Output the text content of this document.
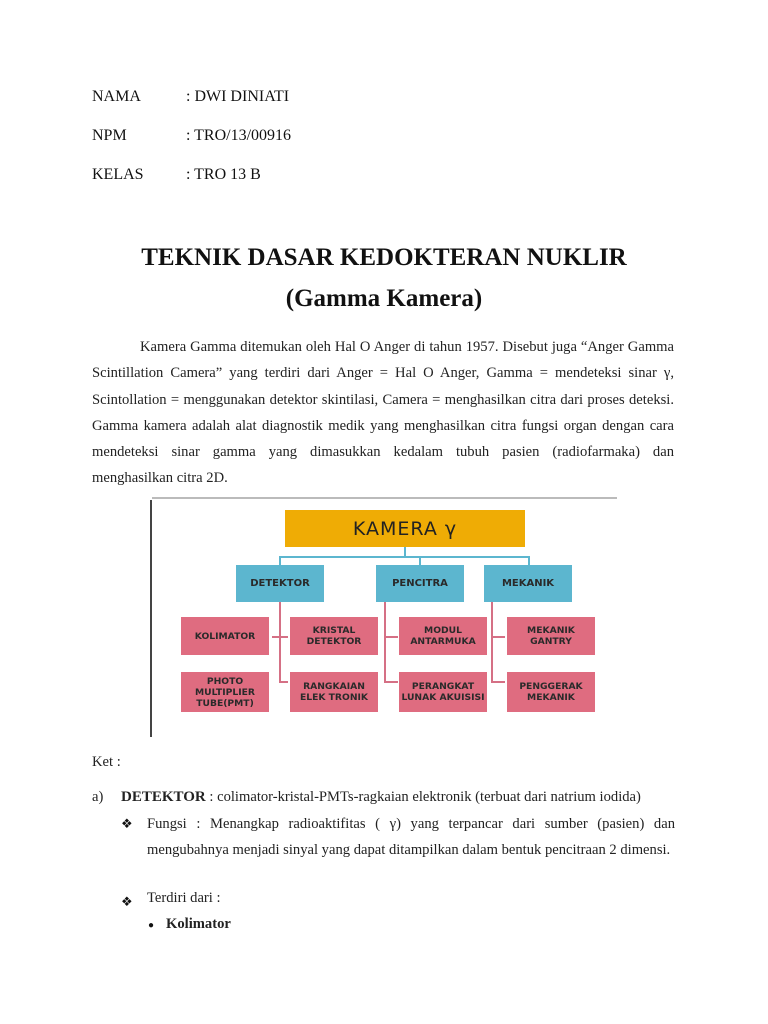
NAMA	: DWI DINIATI
NPM	: TRO/13/00916
KELAS	: TRO 13 B
TEKNIK DASAR KEDOKTERAN NUKLIR
(Gamma Kamera)
Kamera Gamma ditemukan oleh Hal O Anger di tahun 1957. Disebut juga “Anger Gamma Scintillation Camera” yang terdiri dari Anger = Hal O Anger, Gamma = mendeteksi sinar γ, Scintollation = menggunakan detektor skintilasi, Camera = menghasilkan citra dari proses deteksi. Gamma kamera adalah alat diagnostik medik yang menghasilkan citra fungsi organ dengan cara mendeteksi sinar gamma yang dimasukkan kedalam tubuh pasien (radiofarmaka) dan menghasilkan citra 2D.
KAMERA γ
DETEKTOR	PENCITRA	MEKANIK
KOLIMATOR	KRISTAL DETEKTOR
PHOTO MULTIPLIER TUBE(PMT)
RANGKAIAN ELEK TRONIK
MODUL ANTARMUKA
PERANGKAT LUNAK AKUISISI
MEKANIK GANTRY
PENGGERAK MEKANIK
Ket :
a) DETEKTOR : colimator-kristal-PMTs-ragkaian elektronik (terbuat dari natrium iodida)
❖ Fungsi : Menangkap radioaktifitas ( γ) yang terpancar dari sumber (pasien) dan mengubahnya menjadi sinyal yang dapat ditampilkan dalam bentuk pencitraan 2 dimensi.
❖ Terdiri dari :
● Kolimator
